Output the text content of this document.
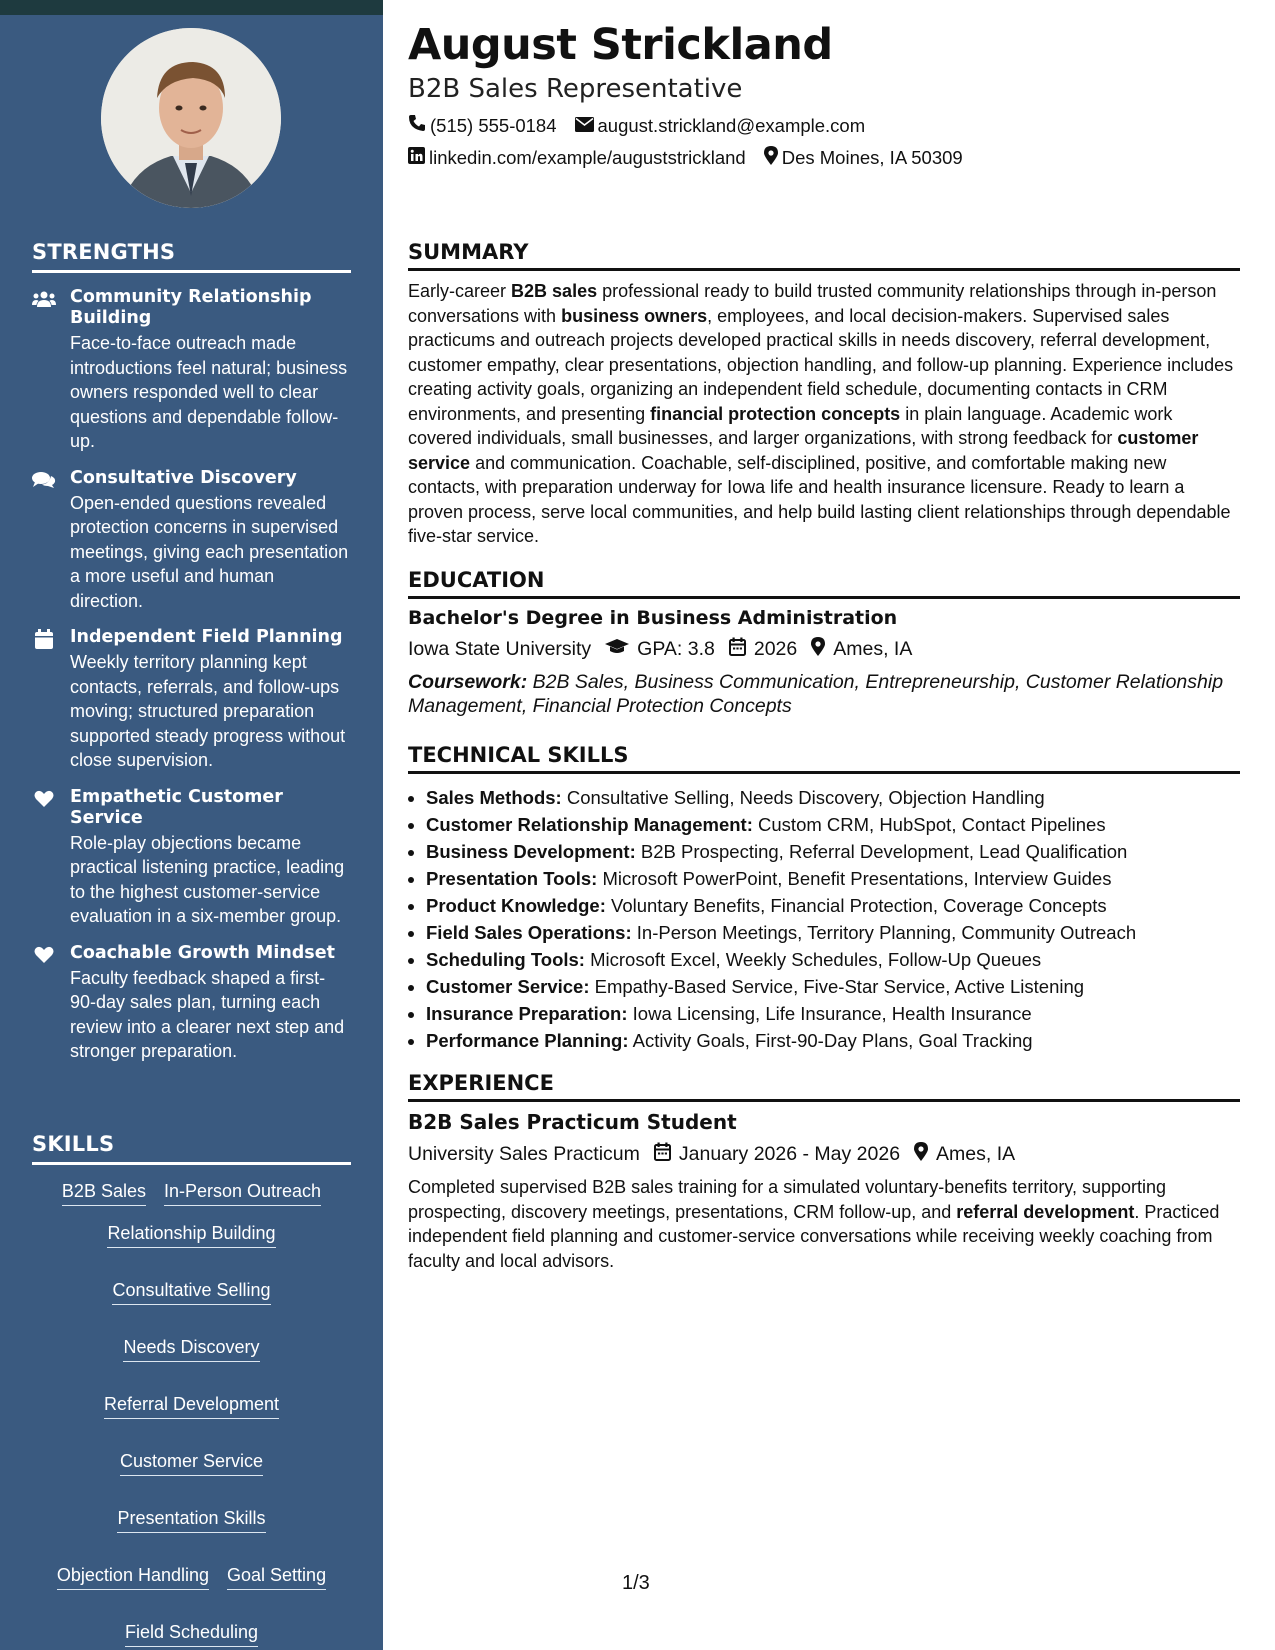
STRENGTHS
Community Relationship Building
Face-to-face outreach made introductions feel natural; business owners responded well to clear questions and dependable follow-up.
Consultative Discovery
Open-ended questions revealed protection concerns in supervised meetings, giving each presentation a more useful and human direction.
Independent Field Planning
Weekly territory planning kept contacts, referrals, and follow-ups moving; structured preparation supported steady progress without close supervision.
Empathetic Customer Service
Role-play objections became practical listening practice, leading to the highest customer-service evaluation in a six-member group.
Coachable Growth Mindset
Faculty feedback shaped a first-90-day sales plan, turning each review into a clearer next step and stronger preparation.
SKILLS
B2B Sales In-Person Outreach
Relationship Building
Consultative Selling
Needs Discovery
Referral Development
Customer Service
Presentation Skills
Objection Handling Goal Setting
Field Scheduling
August Strickland
B2B Sales Representative
(515) 555-0184 august.strickland@example.com
linkedin.com/example/auguststrickland Des Moines, IA 50309
SUMMARY
Early-career B2B sales professional ready to build trusted community relationships through in-person conversations with business owners, employees, and local decision-makers. Supervised sales practicums and outreach projects developed practical skills in needs discovery, referral development, customer empathy, clear presentations, objection handling, and follow-up planning. Experience includes creating activity goals, organizing an independent field schedule, documenting contacts in CRM environments, and presenting financial protection concepts in plain language. Academic work covered individuals, small businesses, and larger organizations, with strong feedback for customer service and communication. Coachable, self-disciplined, positive, and comfortable making new contacts, with preparation underway for Iowa life and health insurance licensure. Ready to learn a proven process, serve local communities, and help build lasting client relationships through dependable five-star service.
EDUCATION
Bachelor's Degree in Business Administration
Iowa State University GPA: 3.8 2026 Ames, IA
Coursework: B2B Sales, Business Communication, Entrepreneurship, Customer Relationship Management, Financial Protection Concepts
TECHNICAL SKILLS
• Sales Methods: Consultative Selling, Needs Discovery, Objection Handling
• Customer Relationship Management: Custom CRM, HubSpot, Contact Pipelines
• Business Development: B2B Prospecting, Referral Development, Lead Qualification
• Presentation Tools: Microsoft PowerPoint, Benefit Presentations, Interview Guides
• Product Knowledge: Voluntary Benefits, Financial Protection, Coverage Concepts
• Field Sales Operations: In-Person Meetings, Territory Planning, Community Outreach
• Scheduling Tools: Microsoft Excel, Weekly Schedules, Follow-Up Queues
• Customer Service: Empathy-Based Service, Five-Star Service, Active Listening
• Insurance Preparation: Iowa Licensing, Life Insurance, Health Insurance
• Performance Planning: Activity Goals, First-90-Day Plans, Goal Tracking
EXPERIENCE
B2B Sales Practicum Student
University Sales Practicum January 2026 - May 2026 Ames, IA
Completed supervised B2B sales training for a simulated voluntary-benefits territory, supporting prospecting, discovery meetings, presentations, CRM follow-up, and referral development. Practiced independent field planning and customer-service conversations while receiving weekly coaching from faculty and local advisors.
1/3
